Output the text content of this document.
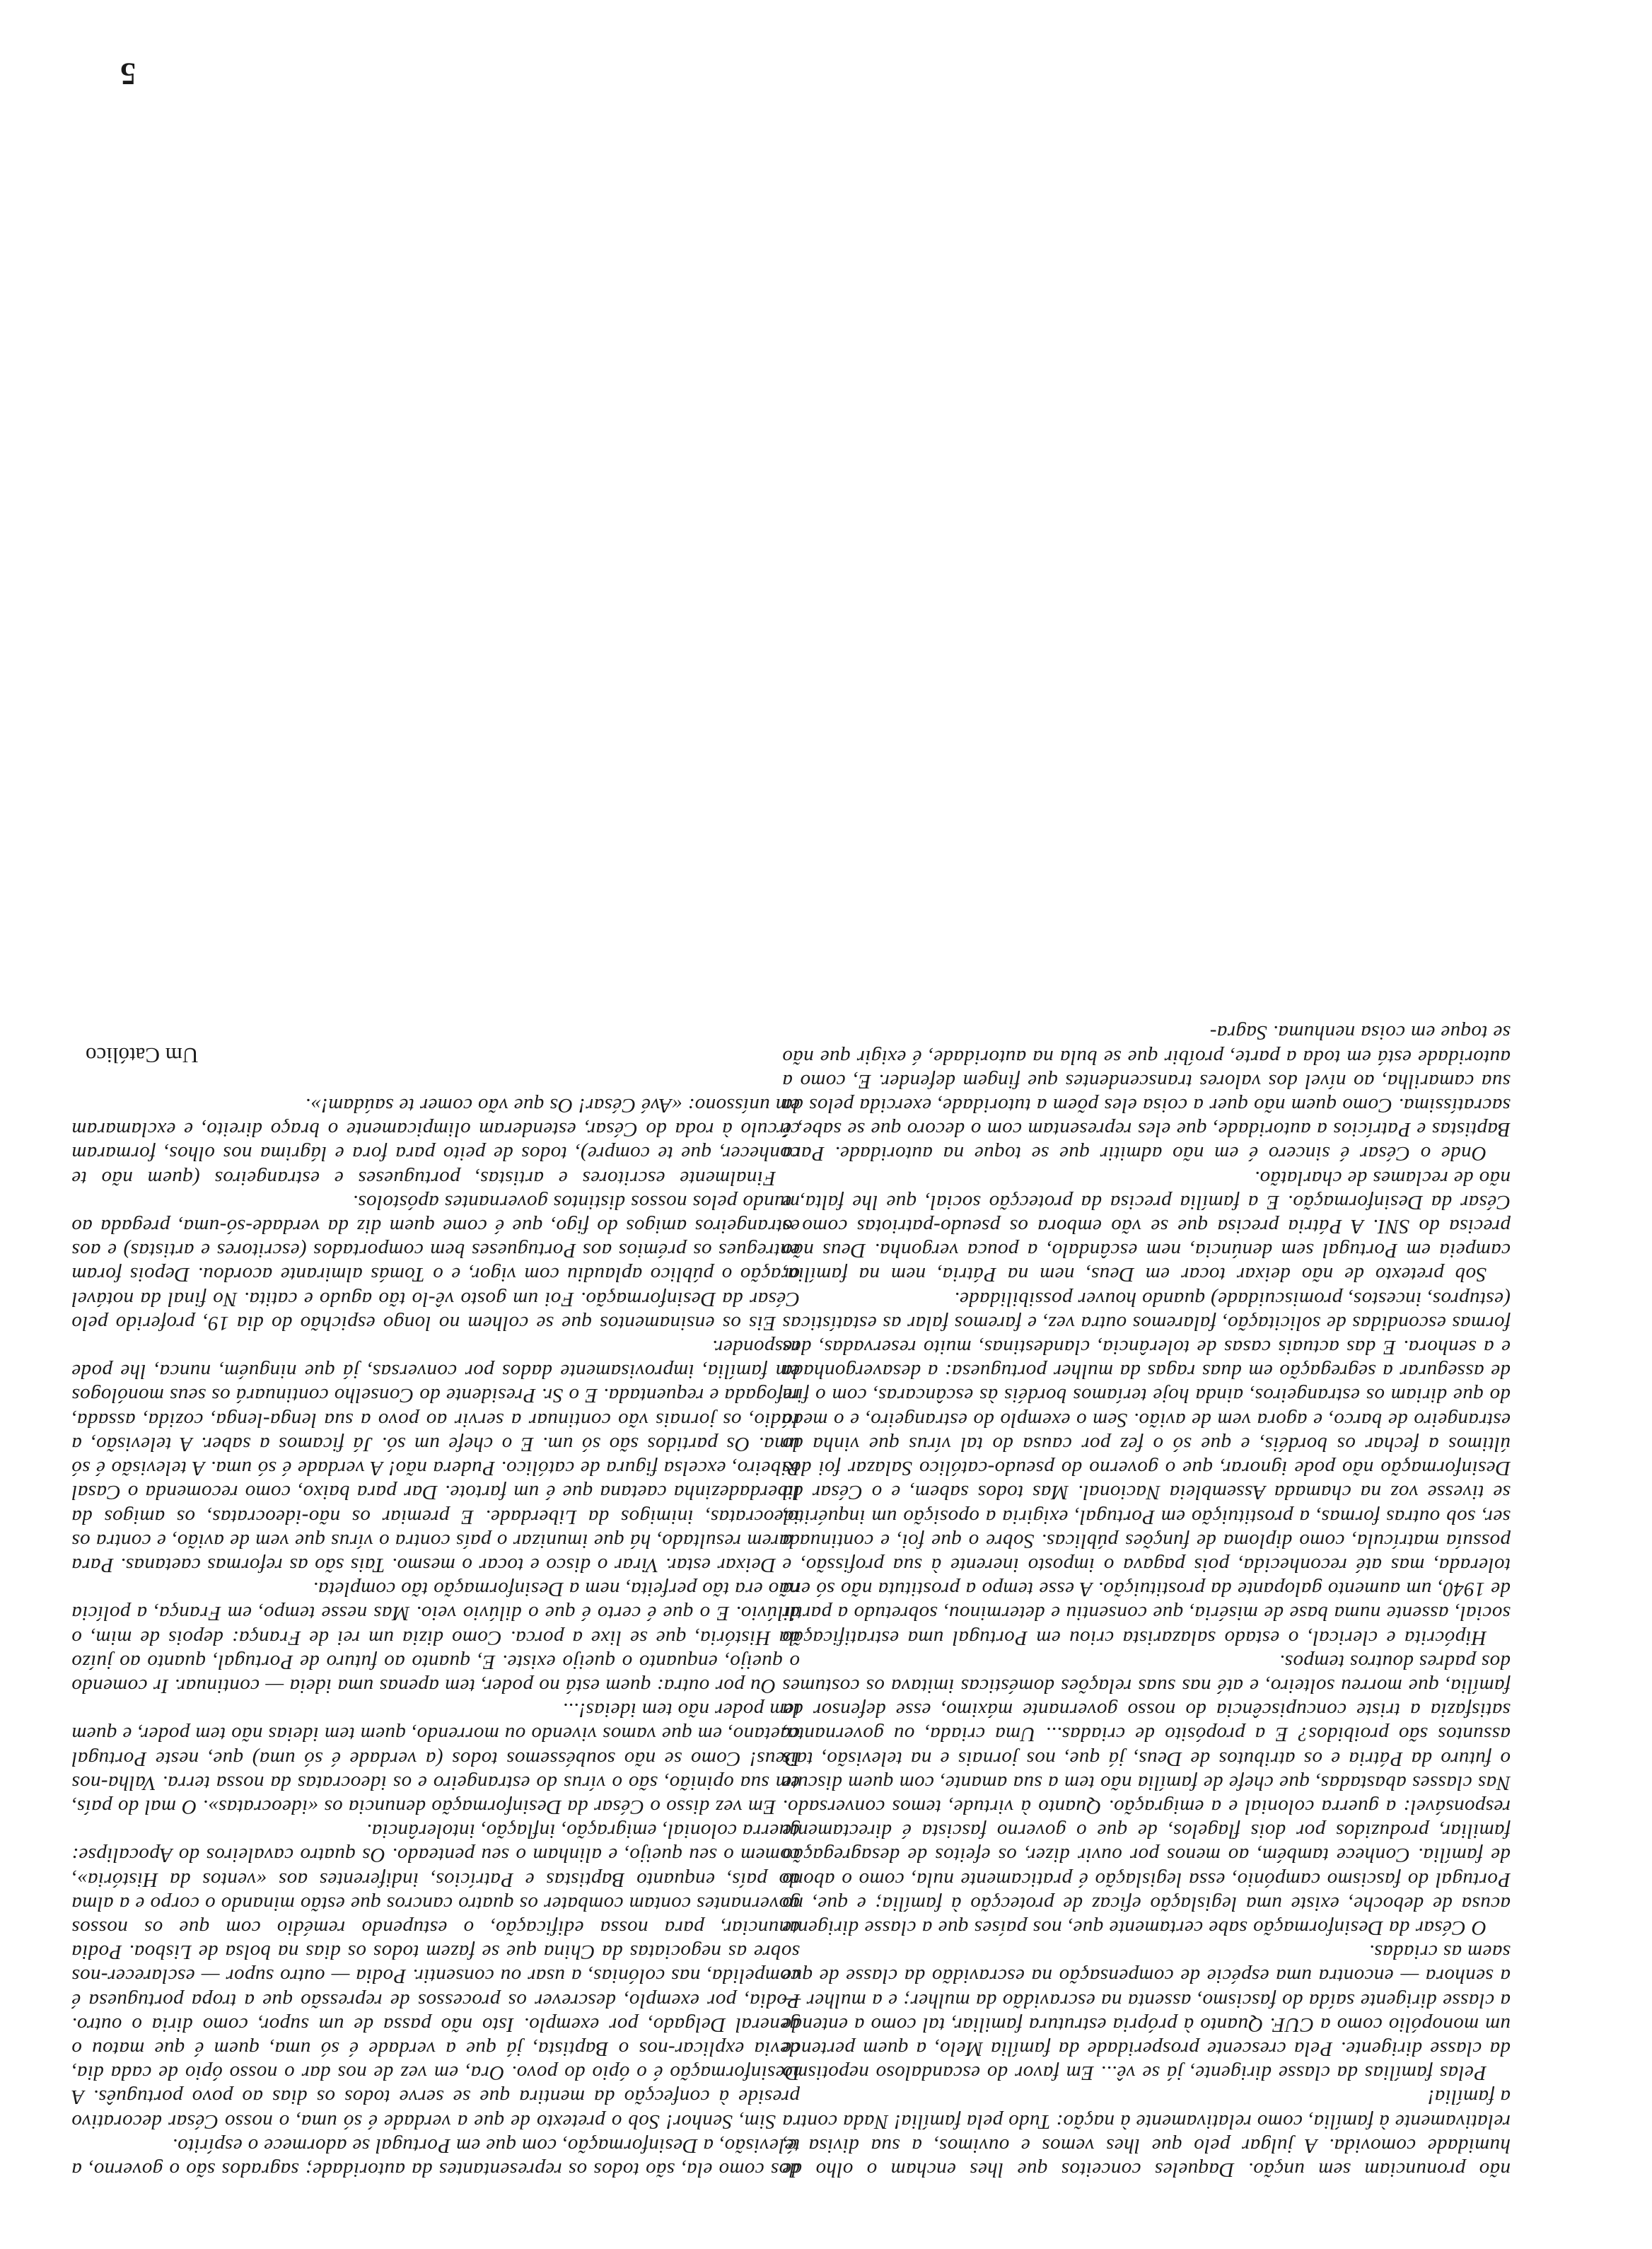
não pronunciam sem unção. Daqueles conceitos que lhes encham o olho de humidade comovida. A julgar pelo que lhes vemos e ouvimos, a sua divisa é, relativamente à família, como relativamente à nação: Tudo pela família! Nada contra a família!

Pelas famílias da classe dirigente, já se vê... Em favor do escandaloso nepotismo da classe dirigente. Pela crescente prosperidade da família Melo, a quem pertence um monopólio como a CUF. Quanto à própria estrutura familiar, tal como a entende a classe dirigente saída do fascismo, assenta na escravidão da mulher; e a mulher — a senhora — encontra uma espécie de compensação na escravidão da classe de que saem as criadas.

O César da Desinformação sabe certamente que, nos países que a classe dirigente acusa de deboche, existe uma legislação eficaz de protecção à família; e que, no Portugal do fascismo campónio, essa legislação é praticamente nula, como o abono de família. Conhece também, ao menos por ouvir dizer, os efeitos de desagregação familiar, produzidos por dois flagelos, de que o governo fascista é directamente responsável: a guerra colonial e a emigração. Quanto à virtude, temos conversado. Nas classes abastadas, que chefe de família não tem a sua amante, com quem discute o futuro da Pátria e os atributos de Deus, já que, nos jornais e na televisão, tais assuntos são proibidos? E a propósito de criadas... Uma criada, ou governanta, satisfazia a triste concupiscência do nosso governante máximo, esse defensor da família, que morreu solteiro, e até nas suas relações domésticas imitava os costumes dos padres doutros tempos.

Hipócrita e clerical, o estado salazarista criou em Portugal uma estratificação social, assente numa base de miséria, que consentiu e determinou, sobretudo a partir de 1940, um aumento galopante da prostituição. A esse tempo a prostituta não só era tolerada, mas até reconhecida, pois pagava o imposto inerente à sua profissão, e possuía matrícula, como diploma de funções públicas. Sobre o que foi, e continua a ser, sob outras formas, a prostituição em Portugal, exigiria a oposição um inquérito, se tivesse voz na chamada Assembleia Nacional. Mas todos sabem, e o César da Desinformação não pode ignorar, que o governo do pseudo-católico Salazar foi dos últimos a fechar os bordéis, e que só o fez por causa do tal vírus que vinha do estrangeiro de barco, e agora vem de avião. Sem o exemplo do estrangeiro, e o medo do que diriam os estrangeiros, ainda hoje teríamos bordéis às escâncaras, com o fim de assegurar a segregação em duas ragas da mulher portuguesa: a desavergonhada e a senhora. E das actuais casas de tolerância, clandestinas, muito reservadas, das formas escondidas de solicitação, falaremos outra vez, e faremos falar as estatísticas (estupros, incestos, promiscuidade) quando houver possibilidade.

Sob pretexto de não deixar tocar em Deus, nem na Pátria, nem na família, campeia em Portugal sem denúncia, nem escândalo, a pouca vergonha. Deus não precisa do SNI. A Pátria precisa que se vão embora os pseudo-patriotas como o César da Desinformação. E a família precisa da protecção social, que lhe falta, e não de reclames de charlatão.

Onde o César é sincero é em não admitir que se toque na autoridade. Para Baptistas e Patrícios a autoridade, que eles representam com o decoro que se sabe, é sacratíssima. Como quem não quer a coisa eles põem a tutoridade, exercida pelos da sua camarilha, ao nível dos valores transcendentes que fingem defender. E, como a autoridade está em toda a parte, proíbir que se bula na autoridade, é exigir que não se toque em coisa nenhuma. Sagra-

dos como ela, são todos os representantes da autoridade; sagrados são o governo, a televisão, a Desinformação, com que em Portugal se adormece o espírito.

Sim, Senhor! Sob o pretexto de que a verdade é só uma, o nosso César decorativo preside à confecção da mentira que se serve todos os dias ao povo português. A Desinformação é o ópio do povo. Ora, em vez de nos dar o nosso ópio de cada dia, devia explicar-nos o Baptista, já que a verdade é só uma, quem é que matou o general Delgado, por exemplo. Isto não passa de um supor, como diria o outro. Podia, por exemplo, descrever os processos de repressão que a tropa portuguesa é compelida, nas colónias, a usar ou consentir. Podia — outro supor — esclarecer-nos sobre as negociatas da China que se fazem todos os dias na bolsa de Lisboa. Podia anunciar, para nossa edificação, o estupendo remédio com que os nossos governantes contam combater os quatro cancros que estão minando o corpo e a alma do país, enquanto Baptistas e Patrícios, indiferentes aos «ventos da História», comem o seu queijo, e alinham o seu penteado. Os quatro cavaleiros do Apocalipse: guerra colonial, emigração, inflação, intolerância.

Em vez disso o César da Desinformação denuncia os «ideocratas». O mal do país, em sua opinião, são o vírus do estrangeiro e os ideocratas da nossa terra. Valha-nos Deus! Como se não soubéssemos todos (a verdade é só uma) que, neste Portugal caetano, em que vamos vivendo ou morrendo, quem tem ideias não tem poder, e quem tem poder não tem ideias!...

Ou por outra: quem está no poder, tem apenas uma ideia — continuar. Ir comendo o queijo, enquanto o queijo existe. E, quanto ao futuro de Portugal, quanto ao juízo da História, que se lixe a porca. Como dizia um rei de França: depois de mim, o dilúvio. E o que é certo é que o dilúvio veio. Mas nesse tempo, em França, a polícia não era tão perfeita, nem a Desinformação tão completa.

Deixar estar. Virar o disco e tocar o mesmo. Tais são as reformas caetanas. Para darem resultado, há que imunizar o país contra o vírus que vem de avião, e contra os ideocratas, inimigos da Liberdade. E premiar os não-ideocratas, os amigos da liberdadezinha caetana que é um fartote. Dar para baixo, como recomenda o Casal Ribeiro, excelsa figura de católico. Pudera não! A verdade é só uma. A televisão é só uma. Os partidos são só um. E o chefe um só. Já ficamos a saber. A televisão, a rádio, os jornais vão continuar a servir ao povo a sua lenga-lenga, cozida, assada, refogada e requentada. E o Sr. Presidente do Conselho continuará os seus monólogos em família, improvisamente dados por conversas, já que ninguém, nunca, lhe pode responder.

Eis os ensinamentos que se colhem no longo espichão do dia 19, proferido pelo César da Desinformação. Foi um gosto vê-lo tão agudo e catita. No final da notável oração o público aplaudiu com vigor, e o Tomás almirante acordou. Depois foram entregues os prémios aos Portugueses bem comportados (escritores e artistas) e aos estrangeiros amigos do figo, que é come quem diz da verdade-só-uma, pregada ao mundo pelos nossos distintos governantes apóstolos.

Finalmente escritores e artistas, portugueses e estrangeiros (quem não te conhecer, que te compre), todos de peito para fora e lágrima nos olhos, formaram círculo à roda do César, estenderam olimpicamente o braço direito, e exclamaram em uníssono: «Avé César! Os que vão comer te saúdam!».

Um Católico
5
